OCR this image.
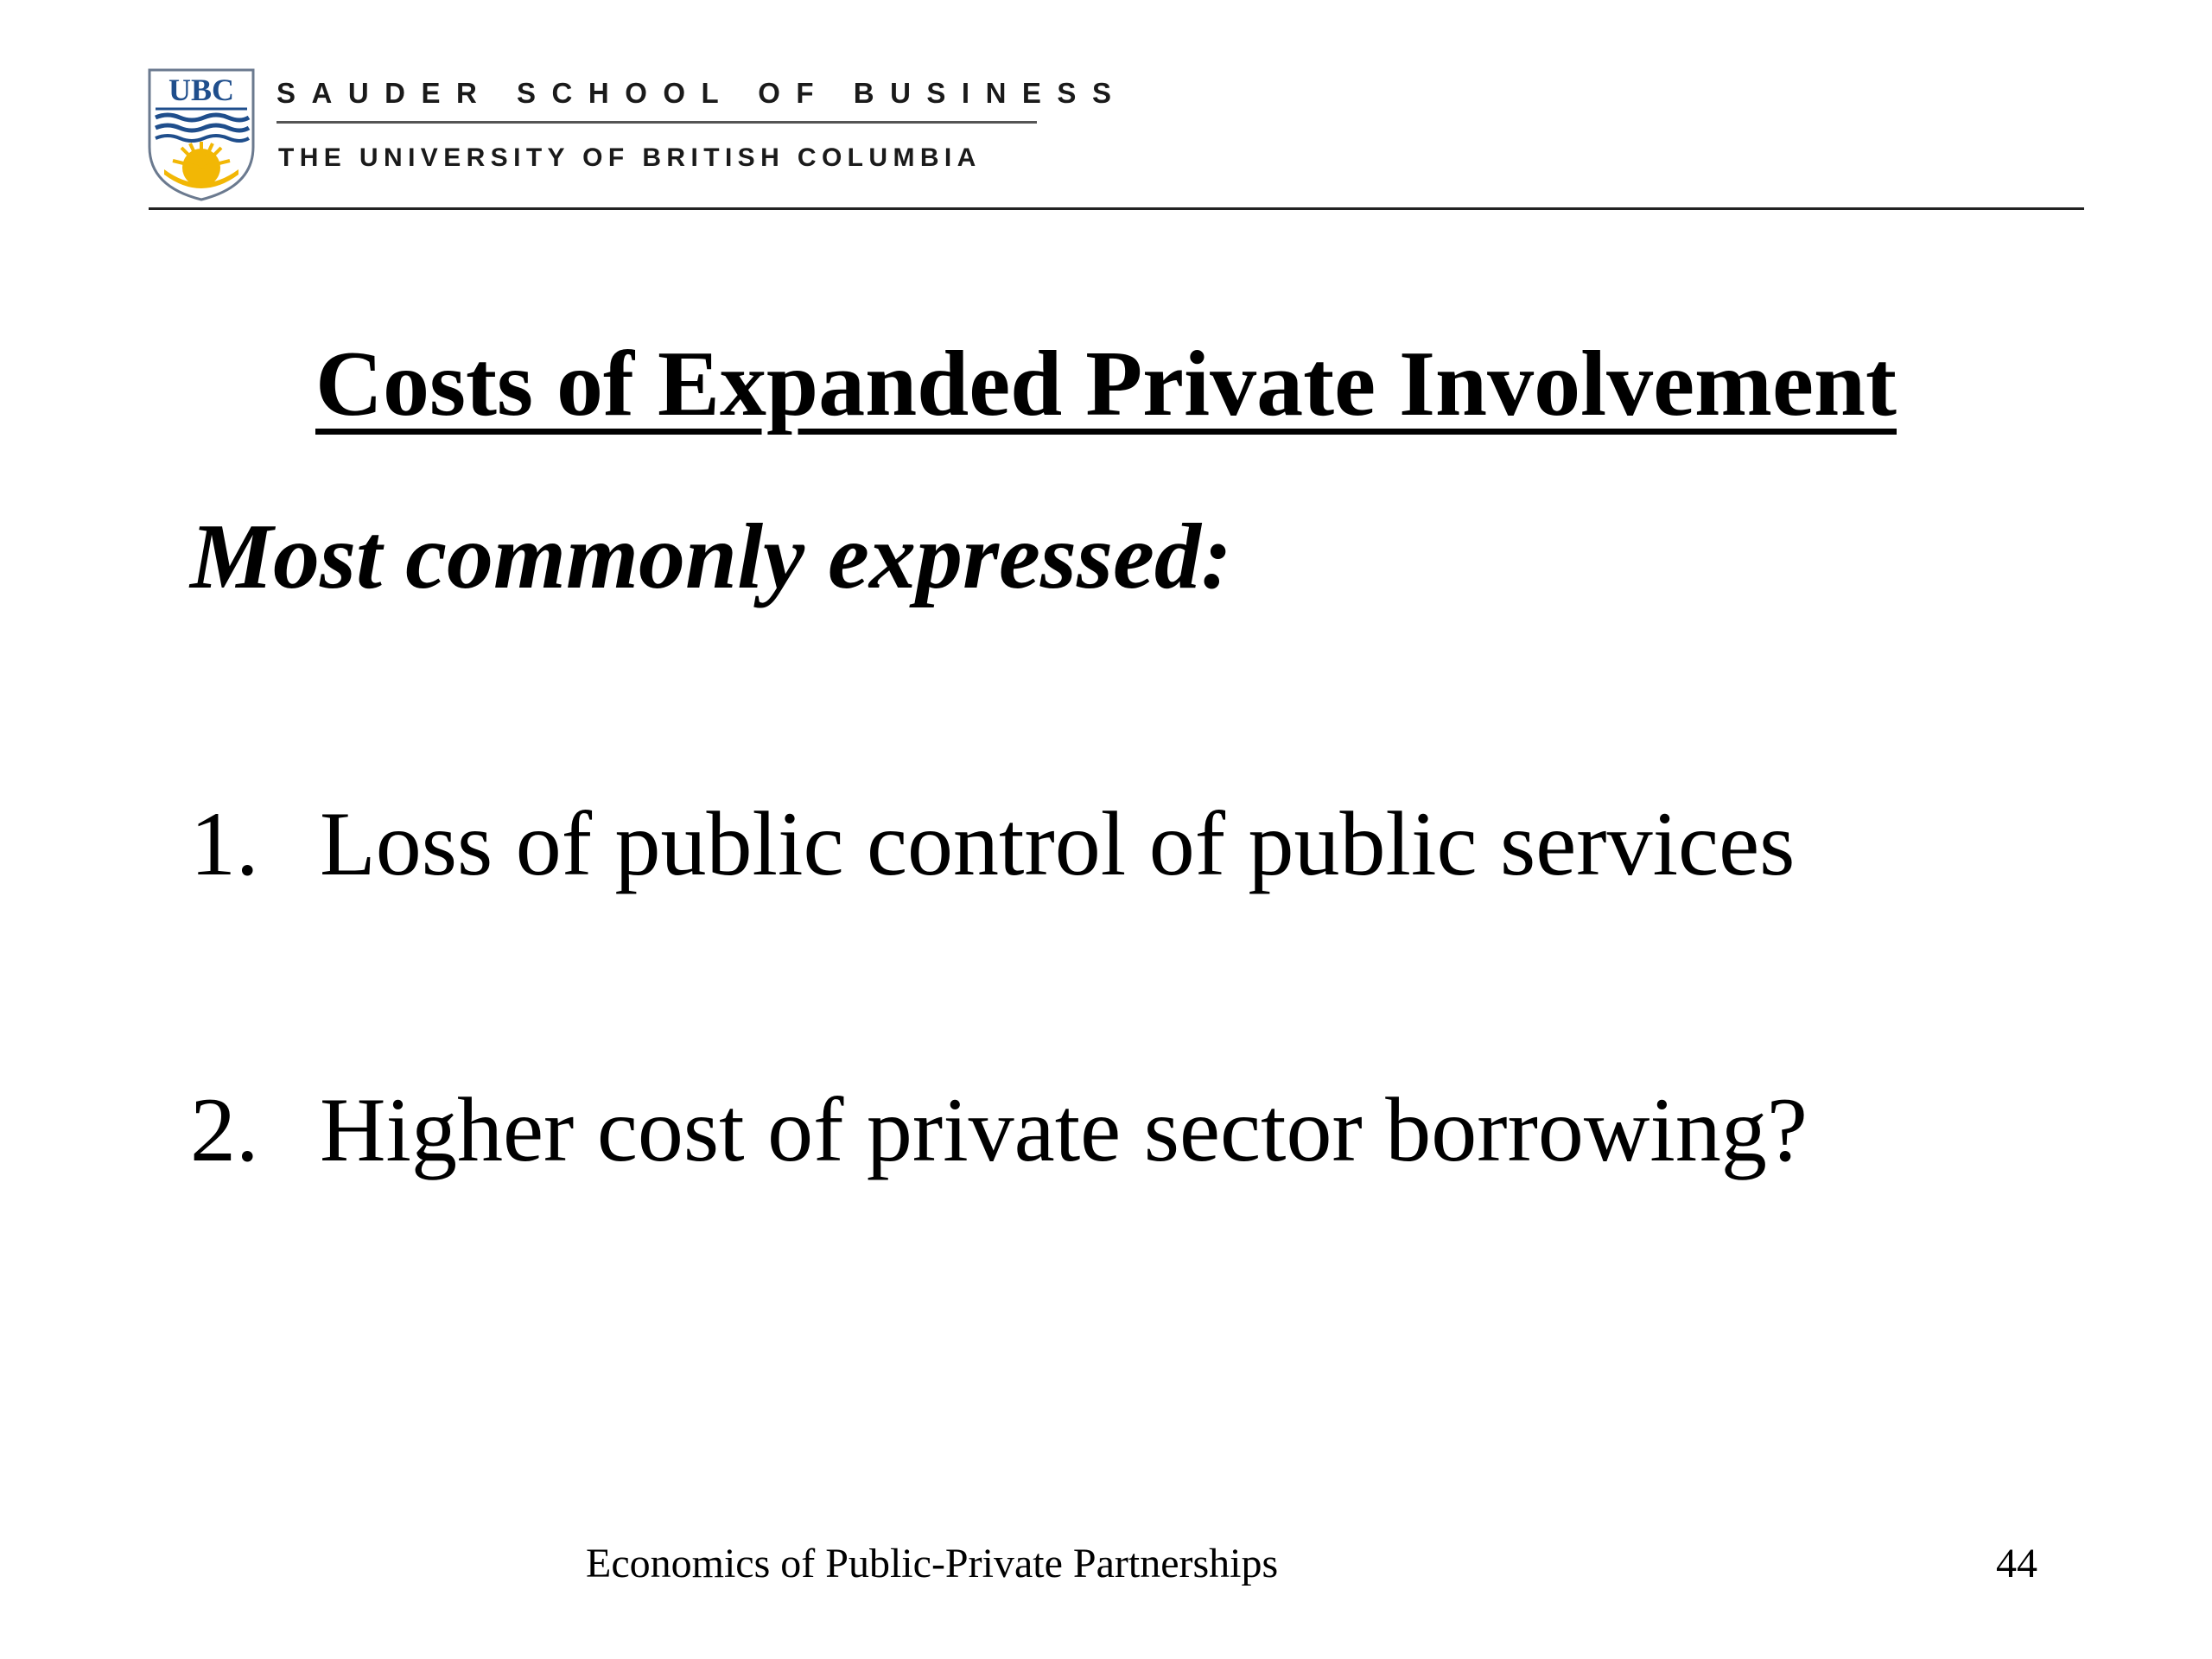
UBC SAUDER SCHOOL OF BUSINESS
THE UNIVERSITY OF BRITISH COLUMBIA
Costs of Expanded Private Involvement
Most commonly expressed:
1. Loss of public control of public services
2. Higher cost of private sector borrowing?
Economics of Public-Private Partnerships	44
